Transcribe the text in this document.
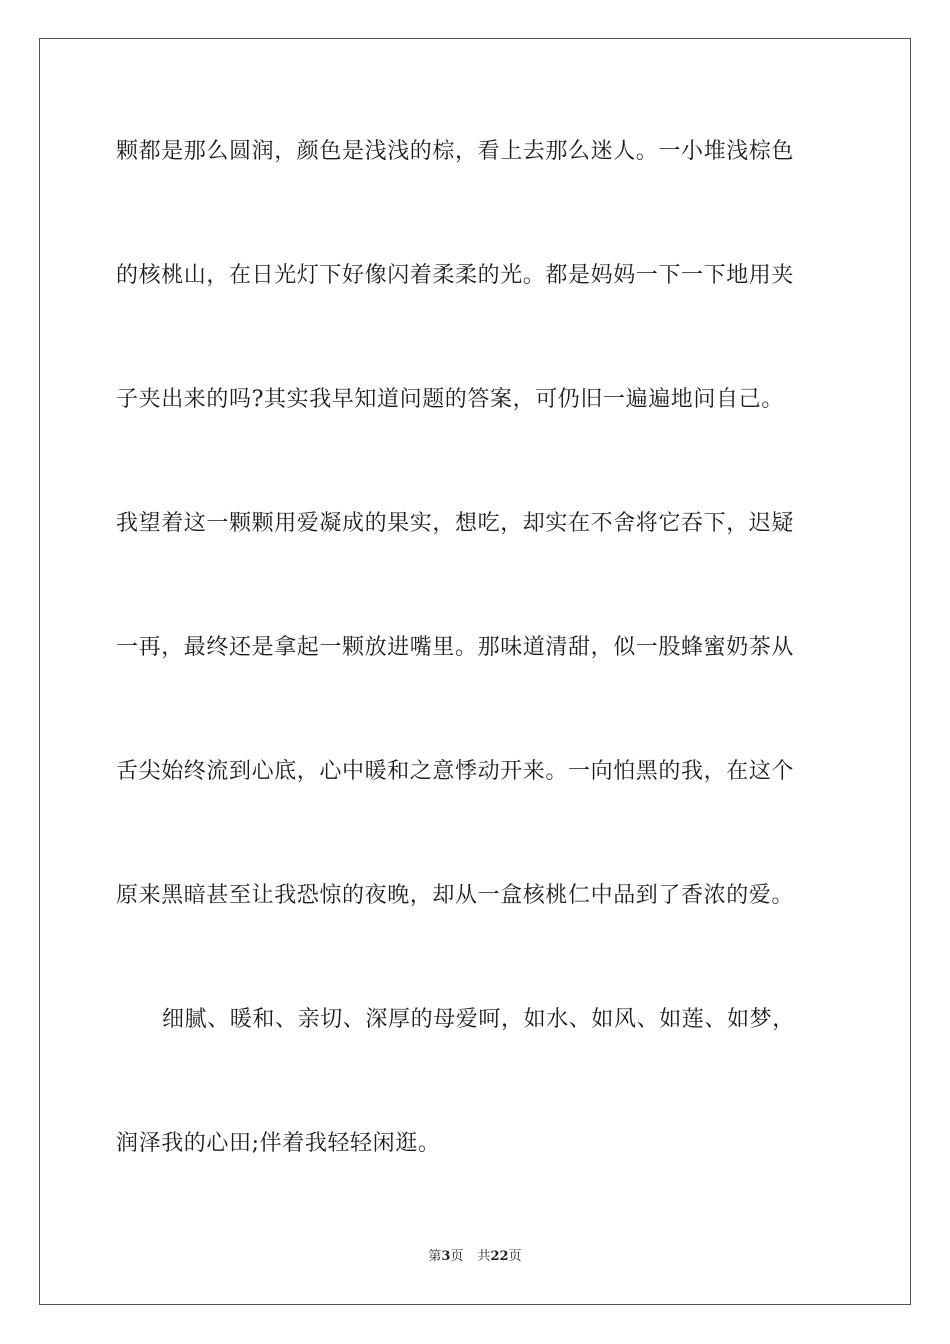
颗都是那么圆润，颜色是浅浅的棕，看上去那么迷人。一小堆浅棕色
的核桃山，在日光灯下好像闪着柔柔的光。都是妈妈一下一下地用夹
子夹出来的吗?其实我早知道问题的答案，可仍旧一遍遍地问自己。
我望着这一颗颗用爱凝成的果实，想吃，却实在不舍将它吞下，迟疑
一再，最终还是拿起一颗放进嘴里。那味道清甜，似一股蜂蜜奶茶从
舌尖始终流到心底，心中暖和之意悸动开来。一向怕黑的我，在这个
原来黑暗甚至让我恐惊的夜晚，却从一盒核桃仁中品到了香浓的爱。
细腻、暖和、亲切、深厚的母爱呵，如水、如风、如莲、如梦，
润泽我的心田;伴着我轻轻闲逛。
第3页 共22页
